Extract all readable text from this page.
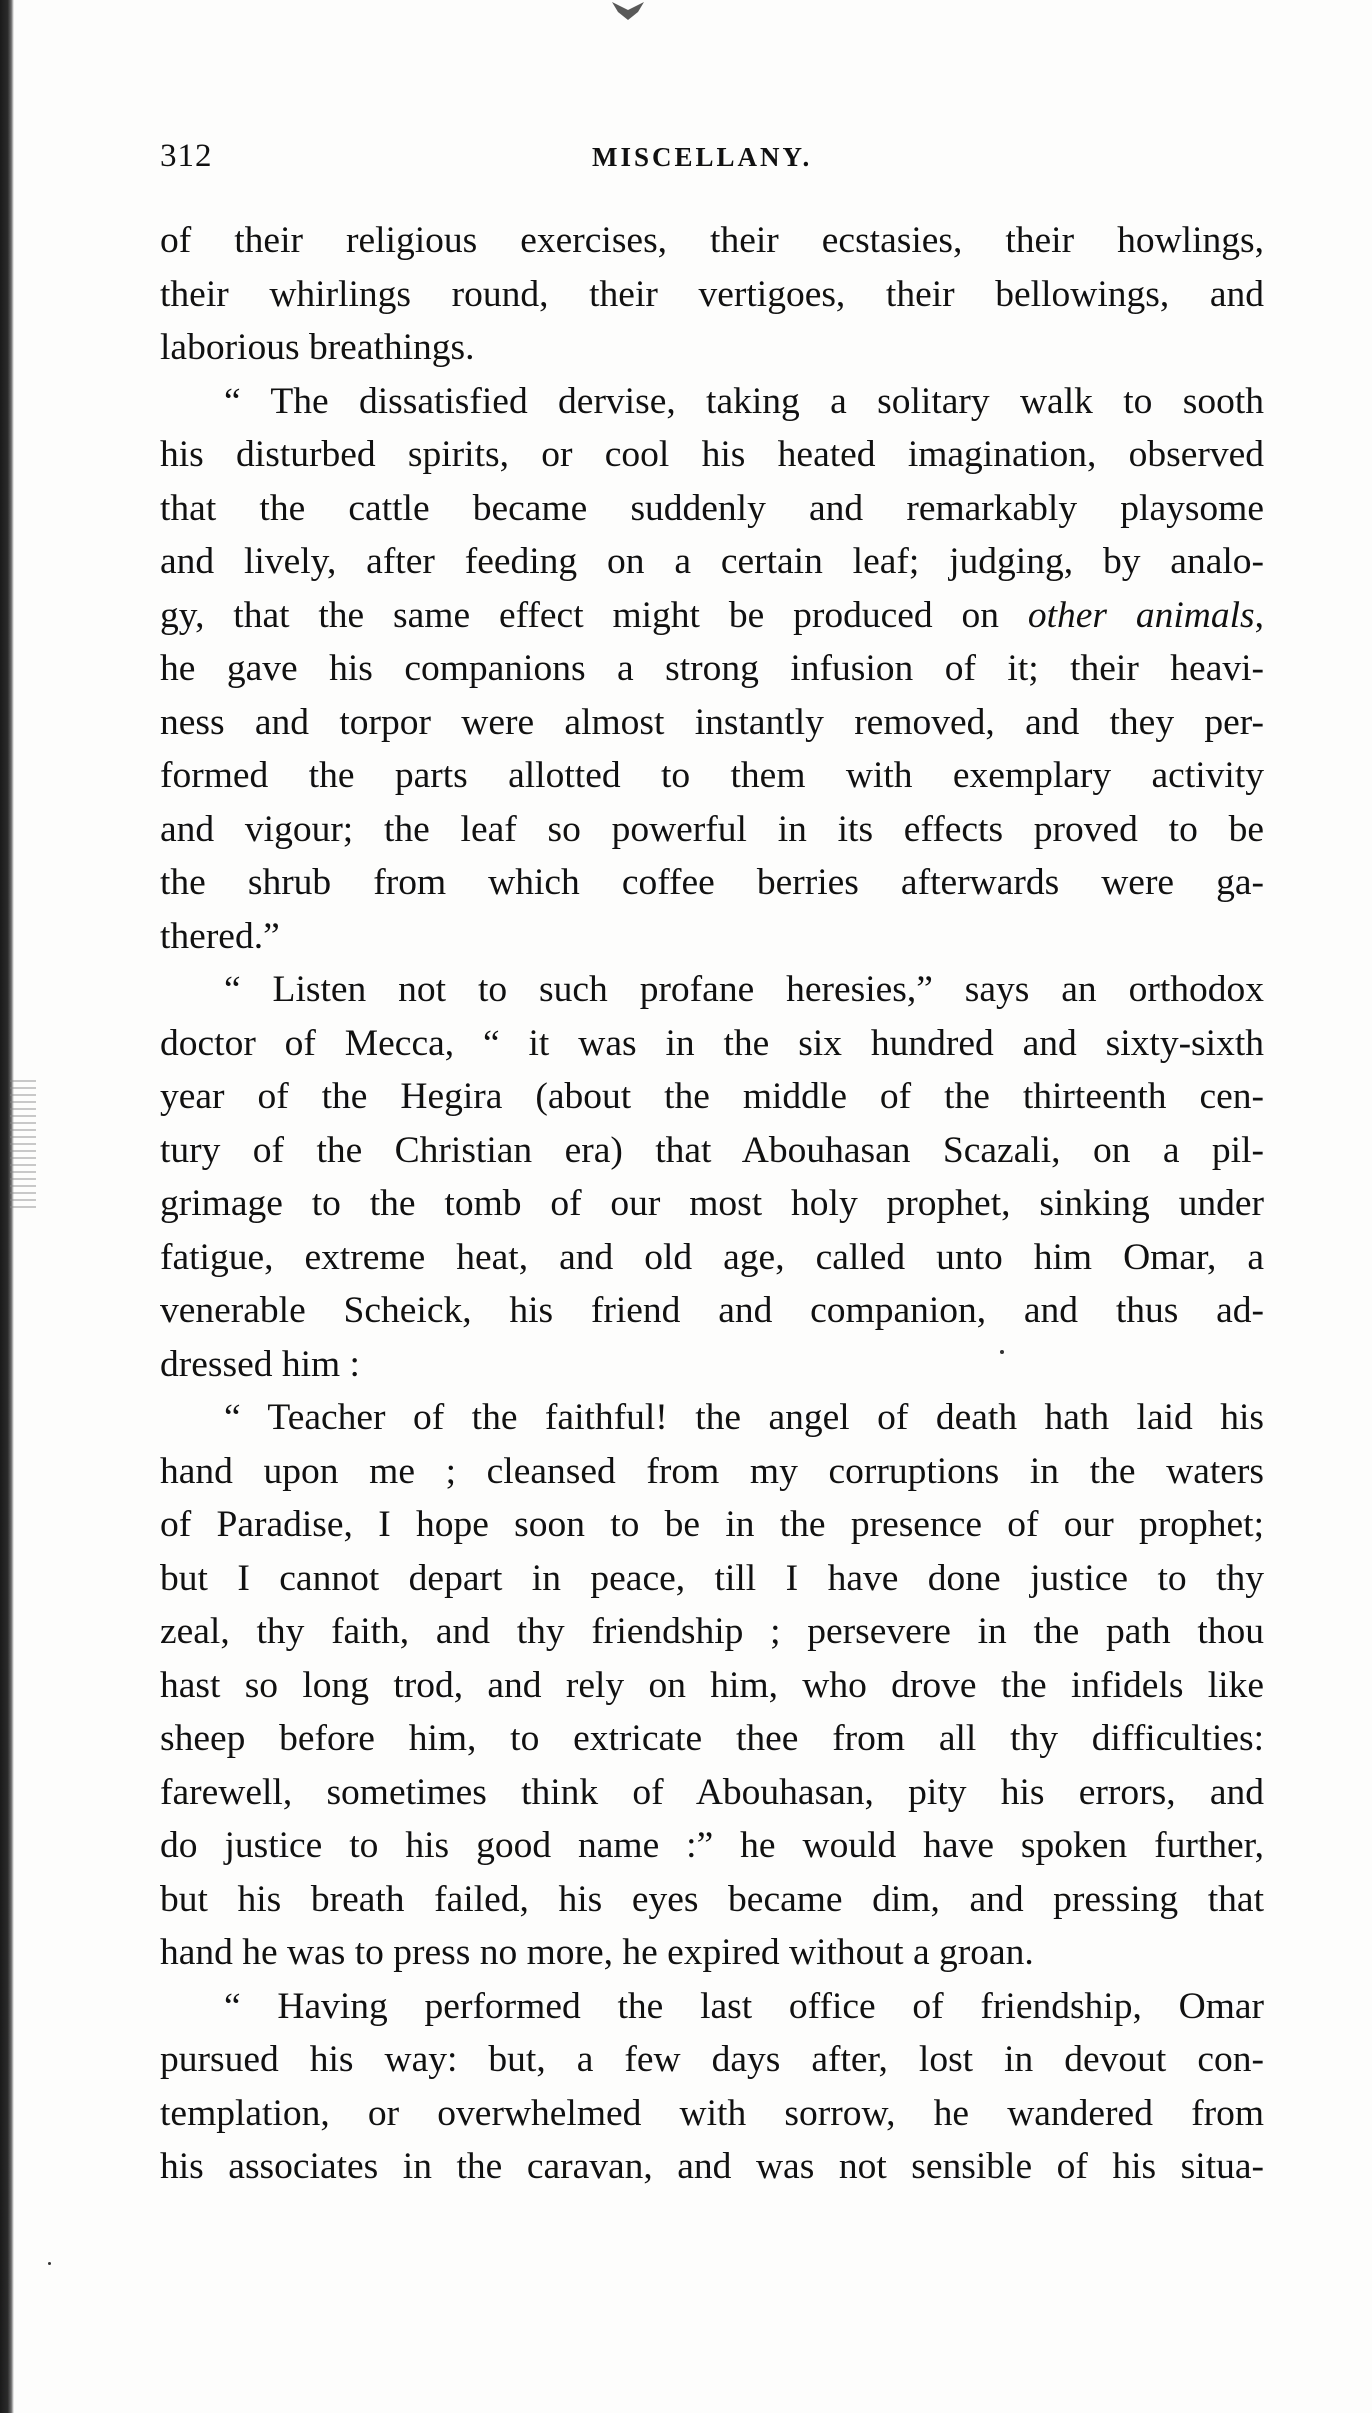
312	MISCELLANY.
of their religious exercises, their ecstasies, their howlings,
their whirlings round, their vertigoes, their bellowings, and
laborious breathings.
“ The dissatisfied dervise, taking a solitary walk to sooth
his disturbed spirits, or cool his heated imagination, observed
that the cattle became suddenly and remarkably playsome
and lively, after feeding on a certain leaf; judging, by analo-
gy, that the same effect might be produced on other animals,
he gave his companions a strong infusion of it; their heavi-
ness and torpor were almost instantly removed, and they per-
formed the parts allotted to them with exemplary activity
and vigour; the leaf so powerful in its effects proved to be
the shrub from which coffee berries afterwards were ga-
thered.”
“ Listen not to such profane heresies,” says an orthodox
doctor of Mecca, “ it was in the six hundred and sixty-sixth
year of the Hegira (about the middle of the thirteenth cen-
tury of the Christian era) that Abouhasan Scazali, on a pil-
grimage to the tomb of our most holy prophet, sinking under
fatigue, extreme heat, and old age, called unto him Omar, a
venerable Scheick, his friend and companion, and thus ad-
dressed him :
“ Teacher of the faithful! the angel of death hath laid his
hand upon me ; cleansed from my corruptions in the waters
of Paradise, I hope soon to be in the presence of our prophet;
but I cannot depart in peace, till I have done justice to thy
zeal, thy faith, and thy friendship ; persevere in the path thou
hast so long trod, and rely on him, who drove the infidels like
sheep before him, to extricate thee from all thy difficulties:
farewell, sometimes think of Abouhasan, pity his errors, and
do justice to his good name :” he would have spoken further,
but his breath failed, his eyes became dim, and pressing that
hand he was to press no more, he expired without a groan.
“ Having performed the last office of friendship, Omar
pursued his way: but, a few days after, lost in devout con-
templation, or overwhelmed with sorrow, he wandered from
his associates in the caravan, and was not sensible of his situa-
